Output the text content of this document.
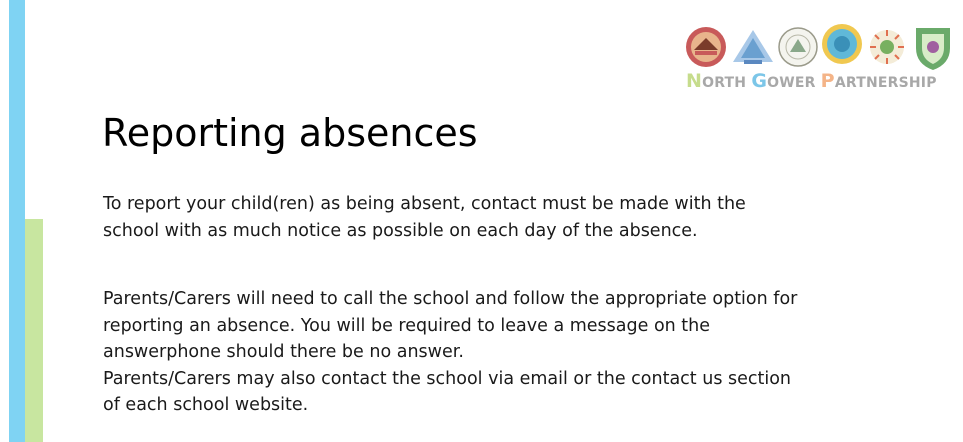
NORTH GOWER PARTNERSHIP
Reporting absences

To report your child(ren) as being absent, contact must be made with the
school with as much notice as possible on each day of the absence.

Parents/Carers will need to call the school and follow the appropriate option for
reporting an absence. You will be required to leave a message on the
answerphone should there be no answer.
Parents/Carers may also contact the school via email or the contact us section
of each school website.
